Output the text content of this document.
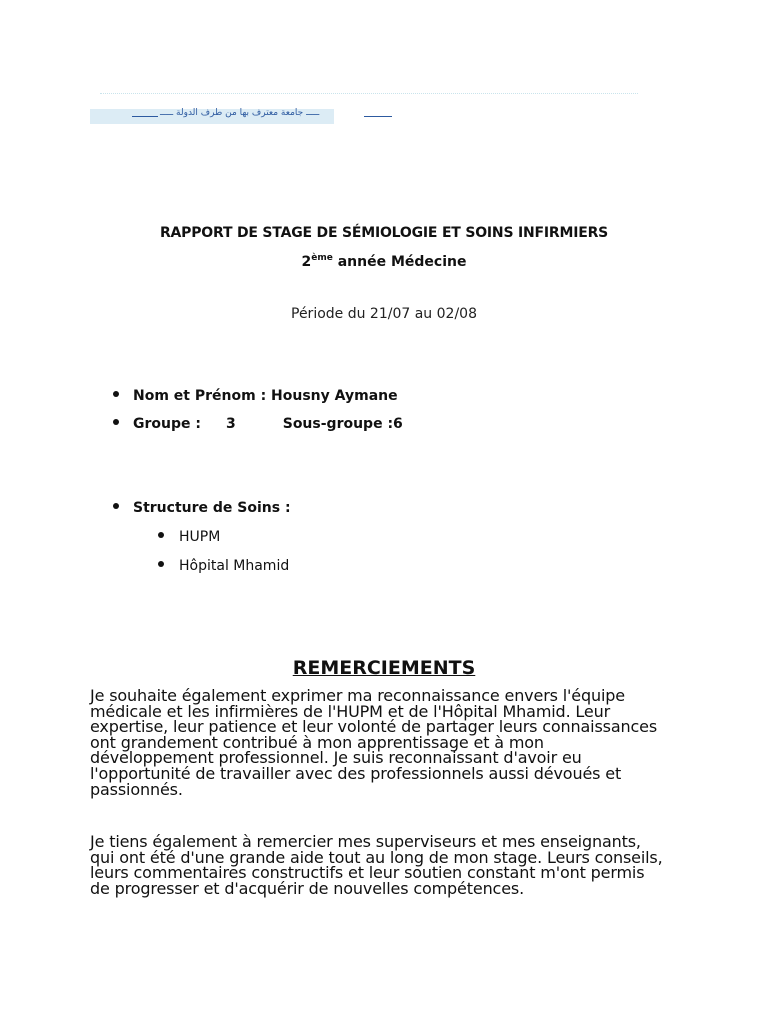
ـــــ جامعة معترف بها من طرف الدولة ـــــ
RAPPORT DE STAGE DE SÉMIOLOGIE ET SOINS INFIRMIERS
2ème année Médecine
Période du 21/07 au 02/08
Nom et Prénom : Housny Aymane
Groupe : 3	Sous-groupe :6
Structure de Soins :
HUPM
Hôpital Mhamid
REMERCIEMENTS
Je souhaite également exprimer ma reconnaissance envers l'équipe
médicale et les infirmières de l'HUPM et de l'Hôpital Mhamid. Leur
expertise, leur patience et leur volonté de partager leurs connaissances
ont grandement contribué à mon apprentissage et à mon
développement professionnel. Je suis reconnaissant d'avoir eu
l'opportunité de travailler avec des professionnels aussi dévoués et
passionnés.
Je tiens également à remercier mes superviseurs et mes enseignants,
qui ont été d'une grande aide tout au long de mon stage. Leurs conseils,
leurs commentaires constructifs et leur soutien constant m'ont permis
de progresser et d'acquérir de nouvelles compétences.
